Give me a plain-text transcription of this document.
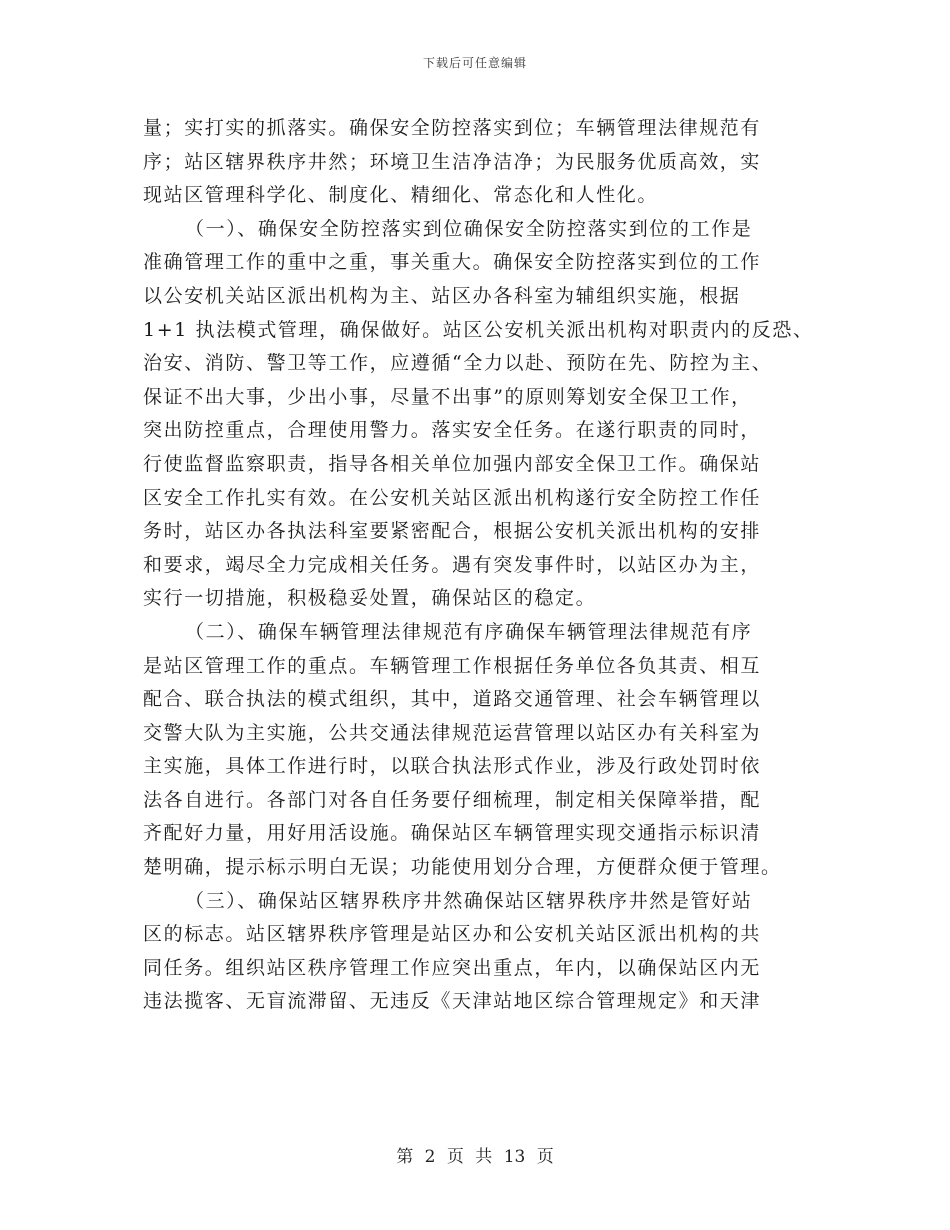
下载后可任意编辑
量；实打实的抓落实。确保安全防控落实到位；车辆管理法律规范有
序；站区辖界秩序井然；环境卫生洁净洁净；为民服务优质高效，实
现站区管理科学化、制度化、精细化、常态化和人性化。
（一）、确保安全防控落实到位确保安全防控落实到位的工作是
准确管理工作的重中之重，事关重大。确保安全防控落实到位的工作
以公安机关站区派出机构为主、站区办各科室为辅组织实施，根据
1+1 执法模式管理，确保做好。站区公安机关派出机构对职责内的反恐、
治安、消防、警卫等工作，应遵循“全力以赴、预防在先、防控为主、
保证不出大事，少出小事，尽量不出事”的原则筹划安全保卫工作，
突出防控重点，合理使用警力。落实安全任务。在遂行职责的同时，
行使监督监察职责，指导各相关单位加强内部安全保卫工作。确保站
区安全工作扎实有效。在公安机关站区派出机构遂行安全防控工作任
务时，站区办各执法科室要紧密配合，根据公安机关派出机构的安排
和要求，竭尽全力完成相关任务。遇有突发事件时，以站区办为主，
实行一切措施，积极稳妥处置，确保站区的稳定。
（二）、确保车辆管理法律规范有序确保车辆管理法律规范有序
是站区管理工作的重点。车辆管理工作根据任务单位各负其责、相互
配合、联合执法的模式组织，其中，道路交通管理、社会车辆管理以
交警大队为主实施，公共交通法律规范运营管理以站区办有关科室为
主实施，具体工作进行时，以联合执法形式作业，涉及行政处罚时依
法各自进行。各部门对各自任务要仔细梳理，制定相关保障举措，配
齐配好力量，用好用活设施。确保站区车辆管理实现交通指示标识清
楚明确，提示标示明白无误；功能使用划分合理，方便群众便于管理。
（三）、确保站区辖界秩序井然确保站区辖界秩序井然是管好站
区的标志。站区辖界秩序管理是站区办和公安机关站区派出机构的共
同任务。组织站区秩序管理工作应突出重点，年内，以确保站区内无
违法揽客、无盲流滞留、无违反《天津站地区综合管理规定》和天津
第 2 页 共 13 页
